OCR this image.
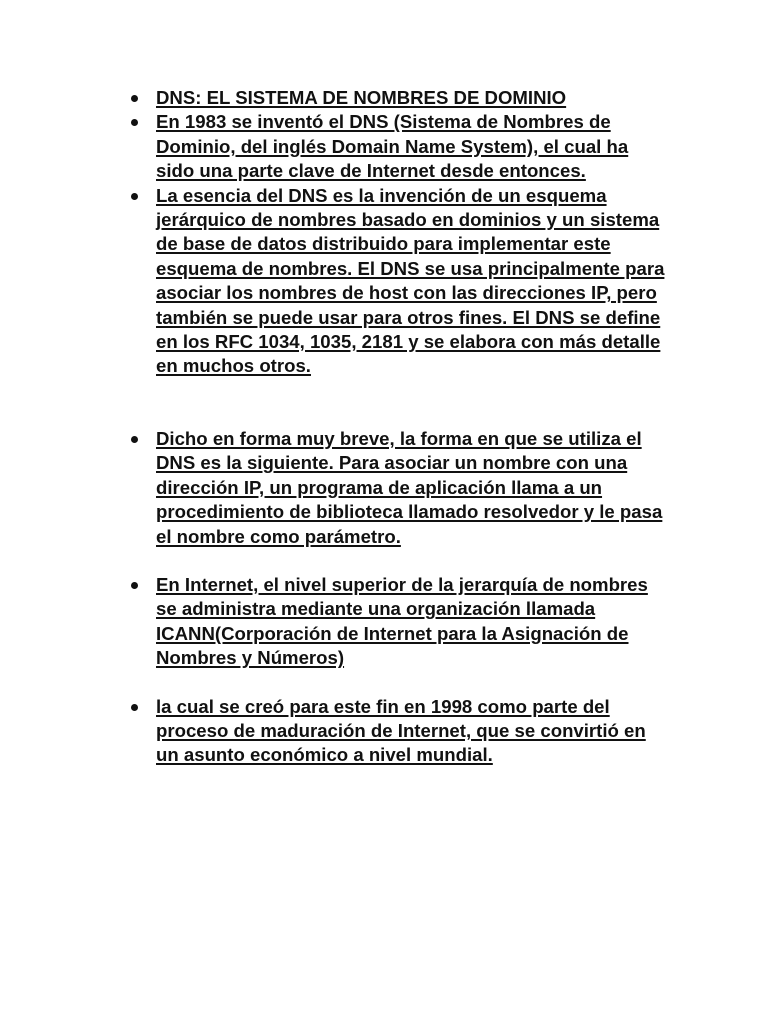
DNS: EL SISTEMA DE NOMBRES DE DOMINIO
En 1983 se inventó el DNS (Sistema de Nombres de Dominio, del inglés Domain Name System), el cual ha sido una parte clave de Internet desde entonces.
La esencia del DNS es la invención de un esquema jerárquico de nombres basado en dominios y un sistema de base de datos distribuido para implementar este esquema de nombres. El DNS se usa principalmente para asociar los nombres de host con las direcciones IP, pero también se puede usar para otros fines. El DNS se define en los RFC 1034, 1035, 2181 y se elabora con más detalle en muchos otros.
Dicho en forma muy breve, la forma en que se utiliza el DNS es la siguiente. Para asociar un nombre con una dirección IP, un programa de aplicación llama a un procedimiento de biblioteca llamado resolvedor y le pasa el nombre como parámetro.
En Internet, el nivel superior de la jerarquía de nombres se administra mediante una organización llamada ICANN(Corporación de Internet para la Asignación de Nombres y Números)
la cual se creó para este fin en 1998 como parte del proceso de maduración de Internet, que se convirtió en un asunto económico a nivel mundial.
